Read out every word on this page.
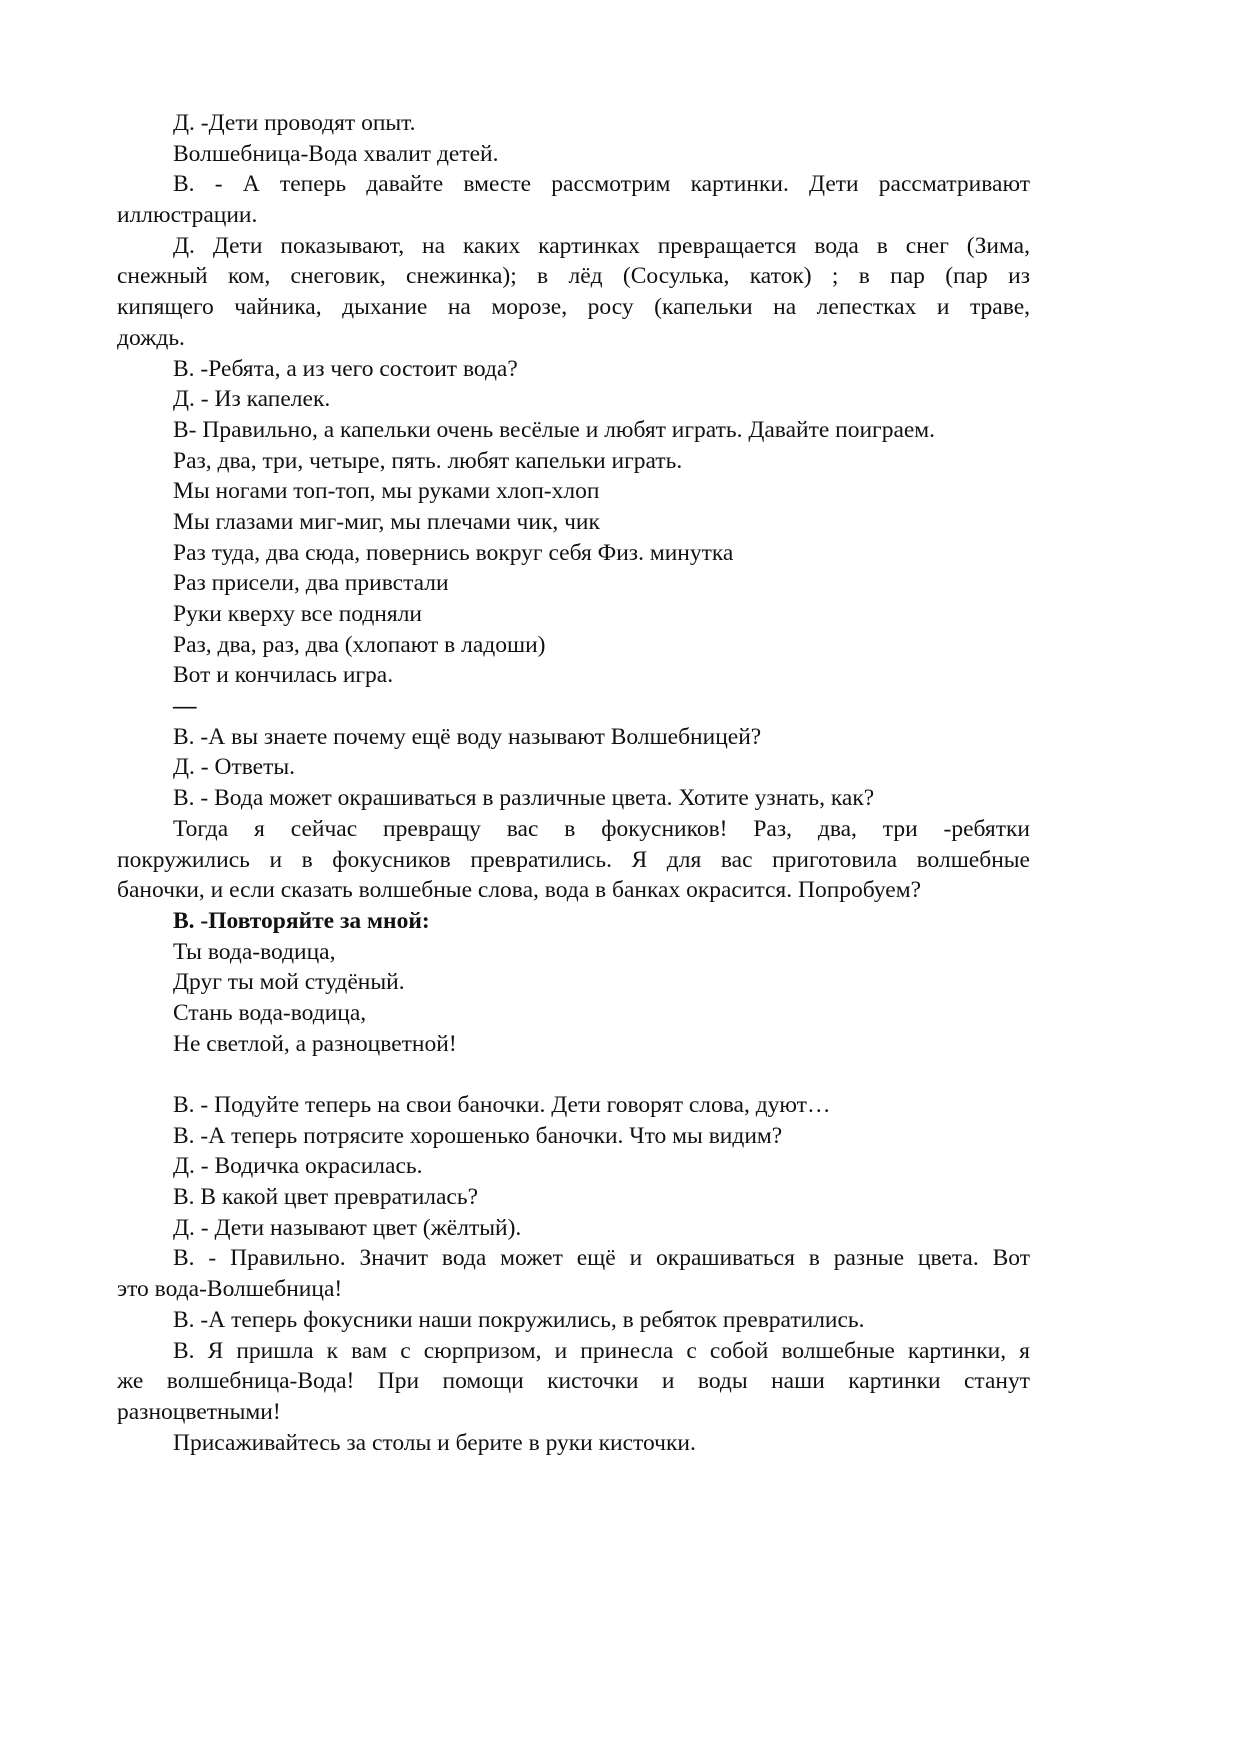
Д. -Дети проводят опыт.
Волшебница-Вода хвалит детей.
В. - А теперь давайте вместе рассмотрим картинки. Дети рассматривают
иллюстрации.
Д. Дети показывают, на каких картинках превращается вода в снег (Зима,
снежный ком, снеговик, снежинка); в лёд (Сосулька, каток) ; в пар (пар из
кипящего чайника, дыхание на морозе, росу (капельки на лепестках и траве,
дождь.
В. -Ребята, а из чего состоит вода?
Д. - Из капелек.
В- Правильно, а капельки очень весёлые и любят играть. Давайте поиграем.
Раз, два, три, четыре, пять. любят капельки играть.
Мы ногами топ-топ, мы руками хлоп-хлоп
Мы глазами миг-миг, мы плечами чик, чик
Раз туда, два сюда, повернись вокруг себя Физ. минутка
Раз присели, два привстали
Руки кверху все подняли
Раз, два, раз, два (хлопают в ладоши)
Вот и кончилась игра.
—
В. -А вы знаете почему ещё воду называют Волшебницей?
Д. - Ответы.
В. - Вода может окрашиваться в различные цвета. Хотите узнать, как?
Тогда я сейчас превращу вас в фокусников! Раз, два, три -ребятки
покружились и в фокусников превратились. Я для вас приготовила волшебные
баночки, и если сказать волшебные слова, вода в банках окрасится. Попробуем?
В. -Повторяйте за мной:
Ты вода-водица,
Друг ты мой студёный.
Стань вода-водица,
Не светлой, а разноцветной!
В. - Подуйте теперь на свои баночки. Дети говорят слова, дуют…
В. -А теперь потрясите хорошенько баночки. Что мы видим?
Д. - Водичка окрасилась.
В. В какой цвет превратилась?
Д. - Дети называют цвет (жёлтый).
В. - Правильно. Значит вода может ещё и окрашиваться в разные цвета. Вот
это вода-Волшебница!
В. -А теперь фокусники наши покружились, в ребяток превратились.
В. Я пришла к вам с сюрпризом, и принесла с собой волшебные картинки, я
же волшебница-Вода! При помощи кисточки и воды наши картинки станут
разноцветными!
Присаживайтесь за столы и берите в руки кисточки.
